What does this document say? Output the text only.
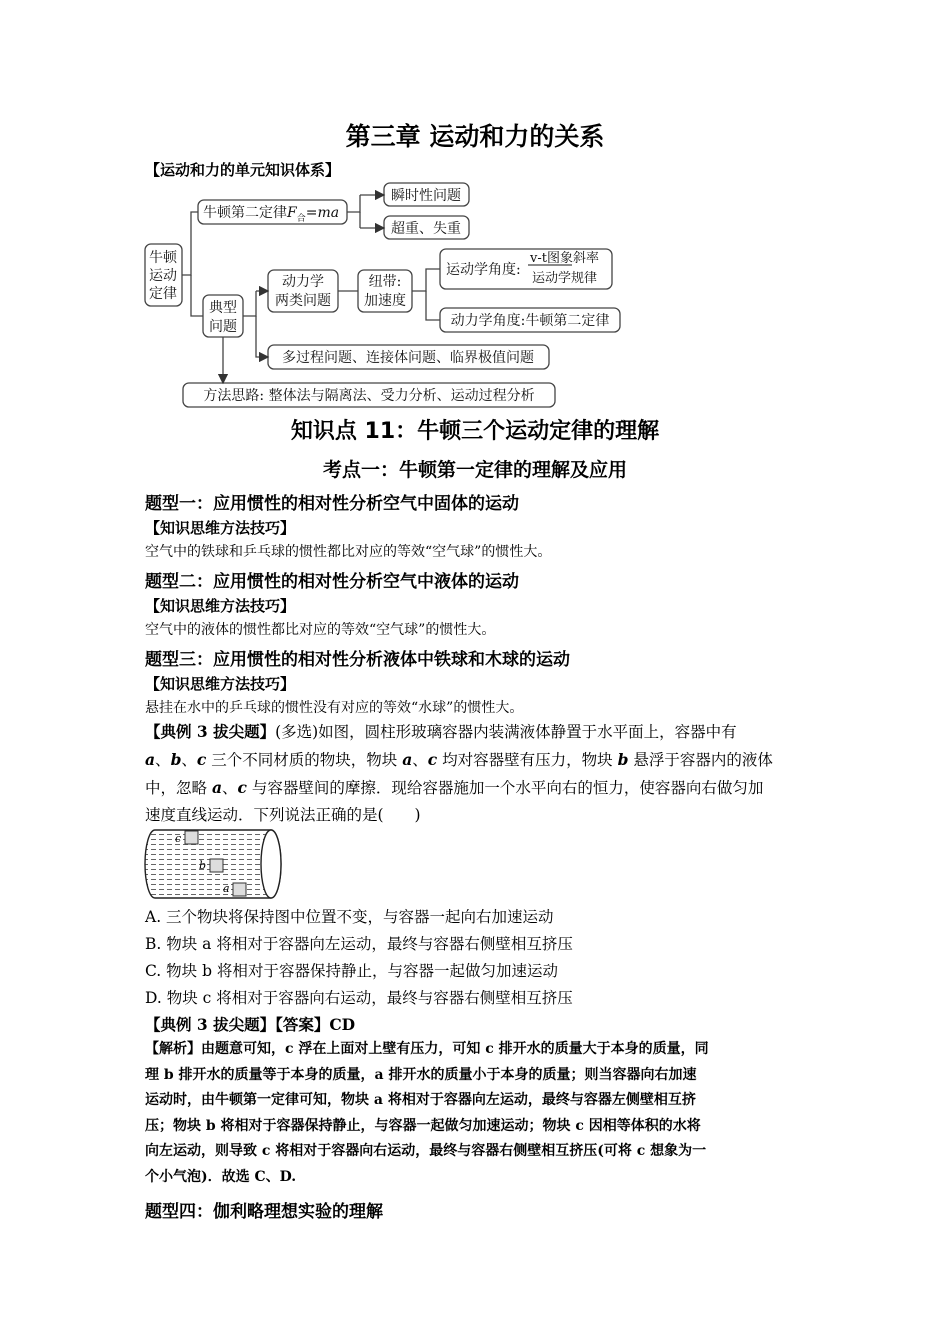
第三章 运动和力的关系
【运动和力的单元知识体系】
牛顿
运动
定律
牛顿第二定律$F_合=ma$
瞬时性问题
超重、失重
典型
问题
动力学
两类问题
纽带:
加速度
运动学角度:
v-t图象斜率
运动学规律
动力学角度:牛顿第二定律
多过程问题、连接体问题、临界极值问题
方法思路: 整体法与隔离法、受力分析、运动过程分析
知识点 11：牛顿三个运动定律的理解
考点一：牛顿第一定律的理解及应用
题型一：应用惯性的相对性分析空气中固体的运动
【知识思维方法技巧】
空气中的铁球和乒乓球的惯性都比对应的等效“空气球”的惯性大。
题型二：应用惯性的相对性分析空气中液体的运动
【知识思维方法技巧】
空气中的液体的惯性都比对应的等效“空气球”的惯性大。
题型三：应用惯性的相对性分析液体中铁球和木球的运动
【知识思维方法技巧】
悬挂在水中的乒乓球的惯性没有对应的等效“水球”的惯性大。
【典例 3 拔尖题】(多选)如图，圆柱形玻璃容器内装满液体静置于水平面上，容器中有
a、b、c 三个不同材质的物块，物块 a、c 均对容器壁有压力，物块 b 悬浮于容器内的液体
中，忽略 a、c 与容器壁间的摩擦．现给容器施加一个水平向右的恒力，使容器向右做匀加
速度直线运动．下列说法正确的是(　　)
c
b
a
A. 三个物块将保持图中位置不变，与容器一起向右加速运动
B. 物块 a 将相对于容器向左运动，最终与容器右侧壁相互挤压
C. 物块 b 将相对于容器保持静止，与容器一起做匀加速运动
D. 物块 c 将相对于容器向右运动，最终与容器右侧壁相互挤压
【典例 3 拔尖题】【答案】CD
【解析】由题意可知，c 浮在上面对上壁有压力，可知 c 排开水的质量大于本身的质量，同
理 b 排开水的质量等于本身的质量，a 排开水的质量小于本身的质量；则当容器向右加速
运动时，由牛顿第一定律可知，物块 a 将相对于容器向左运动，最终与容器左侧壁相互挤
压；物块 b 将相对于容器保持静止，与容器一起做匀加速运动；物块 c 因相等体积的水将
向左运动，则导致 c 将相对于容器向右运动，最终与容器右侧壁相互挤压(可将 c 想象为一
个小气泡)．故选 C、D.
题型四：伽利略理想实验的理解
